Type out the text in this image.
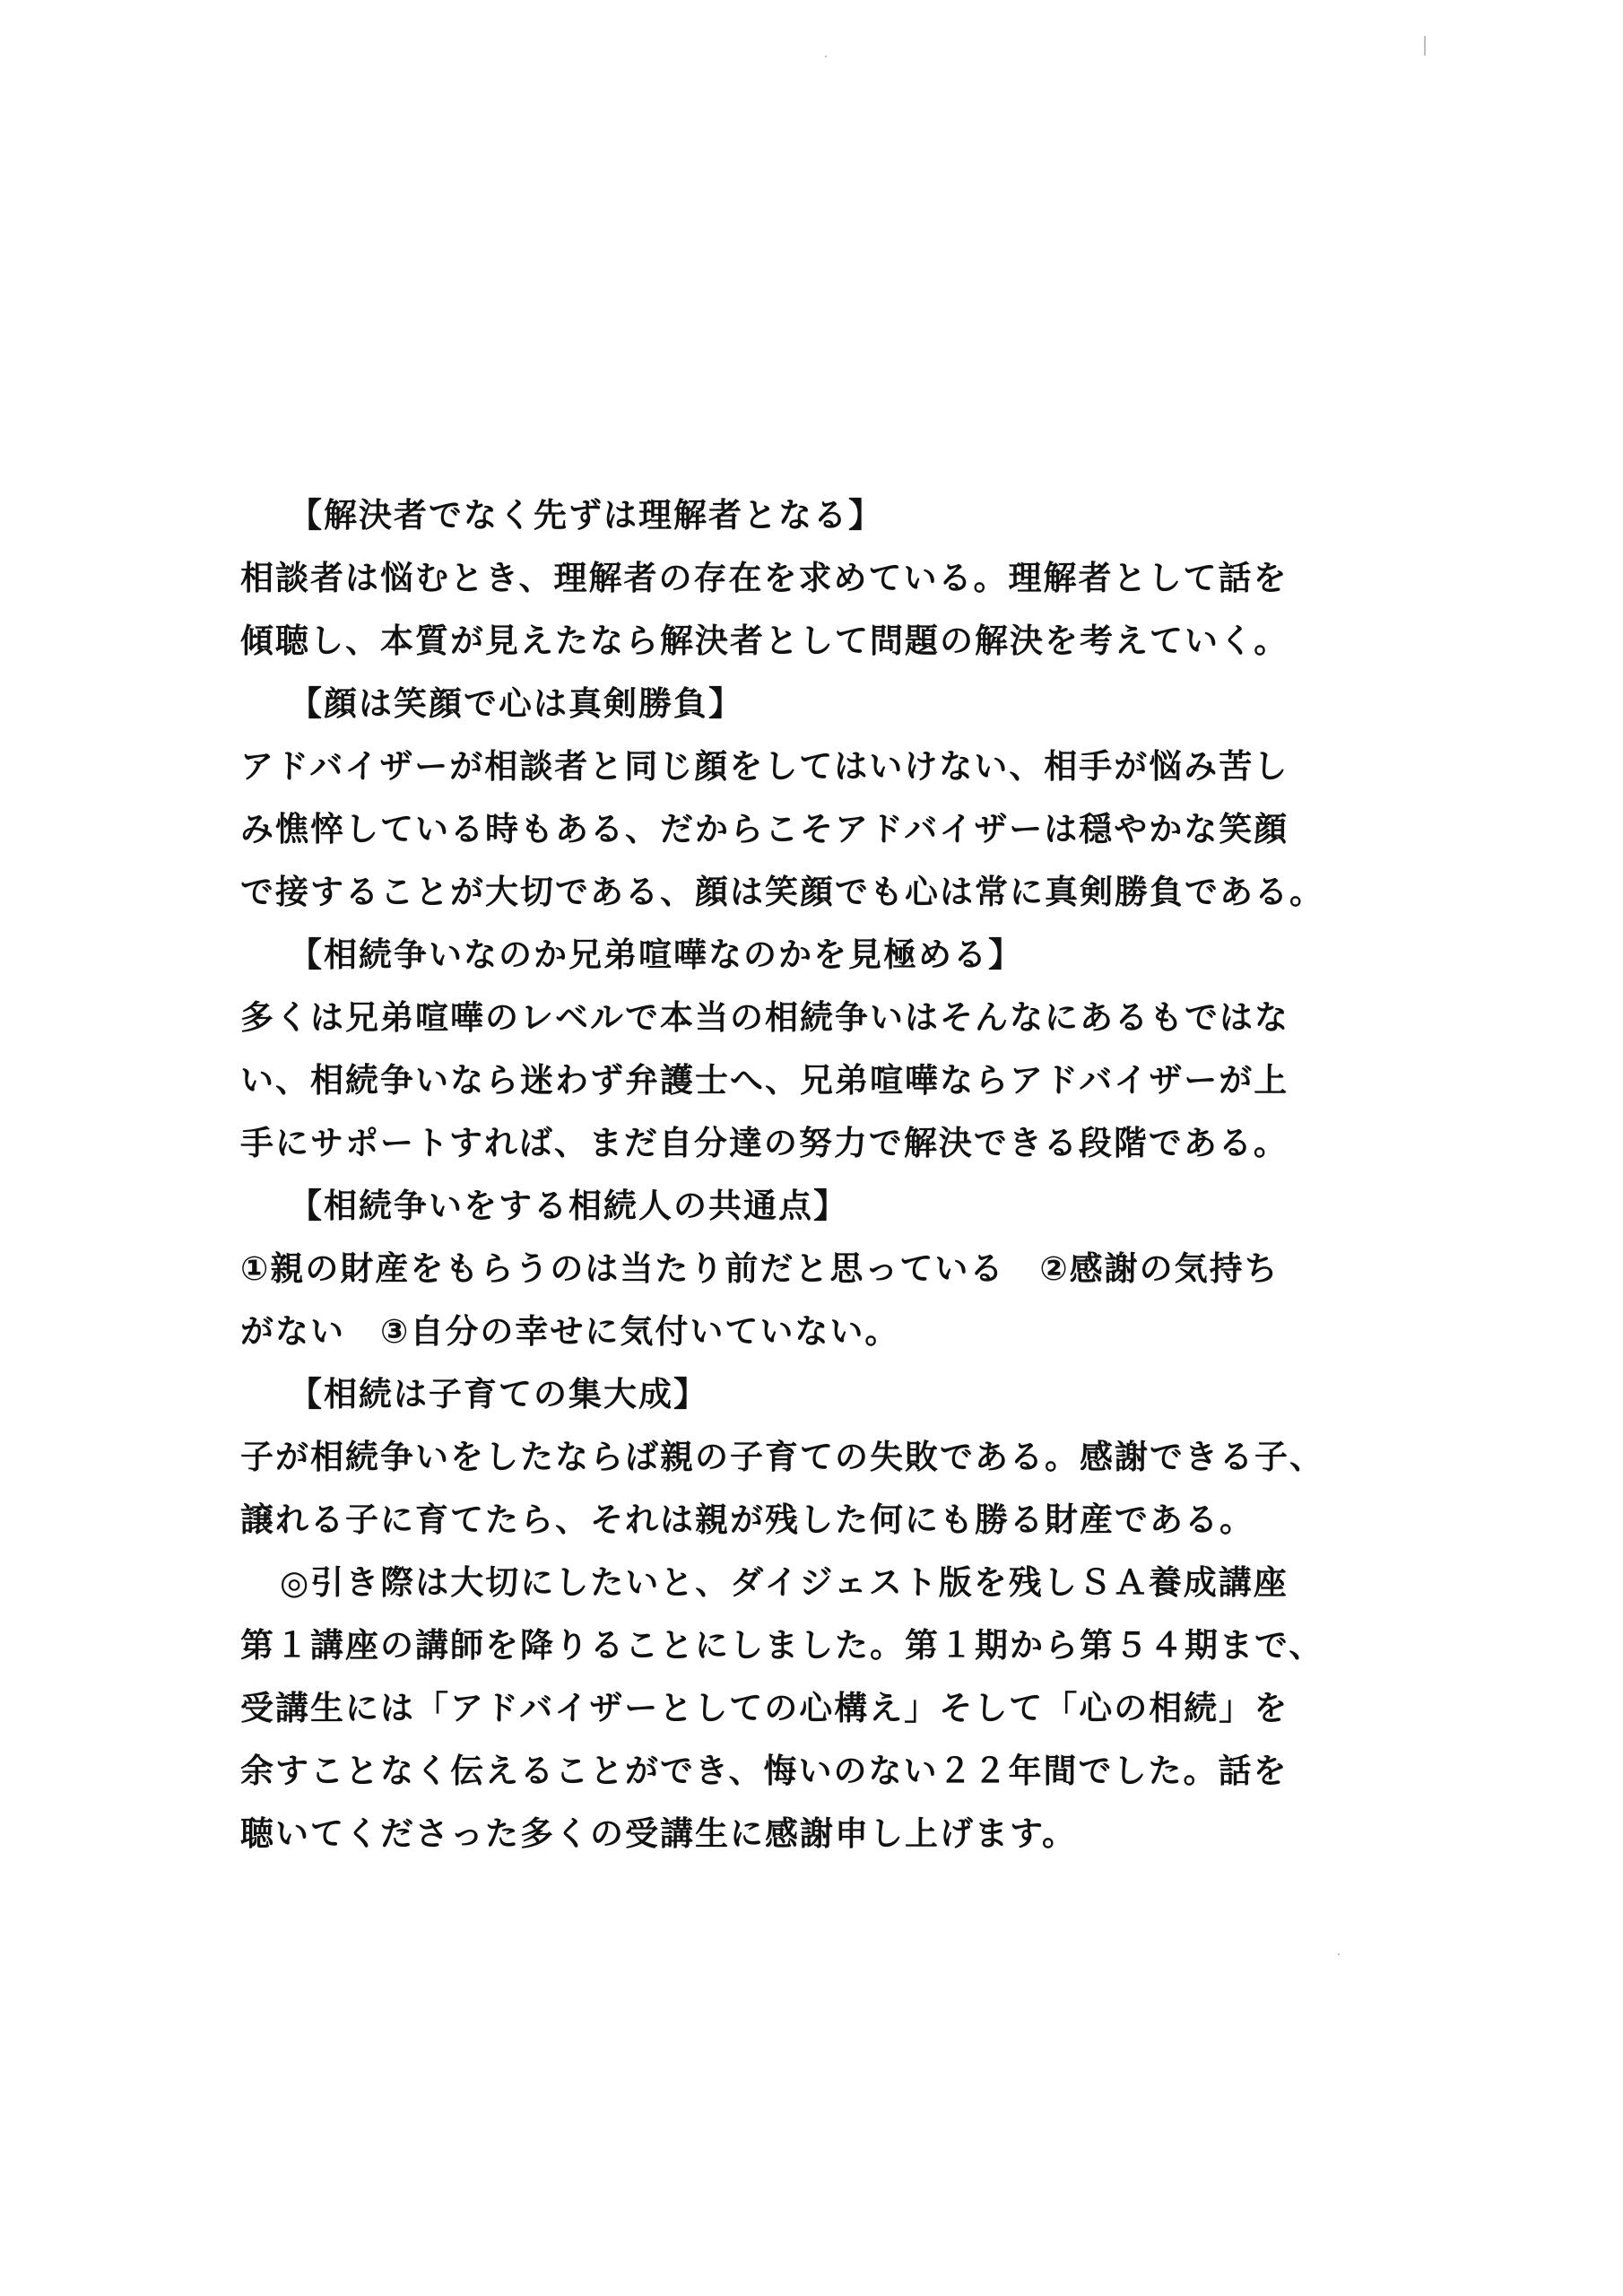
【解決者でなく先ずは理解者となる】
相談者は悩むとき、理解者の存在を求めている。理解者として話を
傾聴し、本質が見えたなら解決者として問題の解決を考えていく。
【顔は笑顔で心は真剣勝負】
アドバイザーが相談者と同じ顔をしてはいけない、相手が悩み苦し
み憔悴している時もある、だからこそアドバイザーは穏やかな笑顔
で接することが大切である、顔は笑顔でも心は常に真剣勝負である。
【相続争いなのか兄弟喧嘩なのかを見極める】
多くは兄弟喧嘩のレベルで本当の相続争いはそんなにあるもではな
い、相続争いなら迷わず弁護士へ、兄弟喧嘩ならアドバイザーが上
手にサポートすれば、まだ自分達の努力で解決できる段階である。
【相続争いをする相続人の共通点】
①親の財産をもらうのは当たり前だと思っている　②感謝の気持ち
がない　③自分の幸せに気付いていない。
【相続は子育ての集大成】
子が相続争いをしたならば親の子育ての失敗である。感謝できる子、
譲れる子に育てたら、それは親が残した何にも勝る財産である。
◎引き際は大切にしたいと、ダイジェスト版を残しＳＡ養成講座
第１講座の講師を降りることにしました。第１期から第５４期まで、
受講生には「アドバイザーとしての心構え」そして「心の相続」を
余すことなく伝えることができ、悔いのない２２年間でした。話を
聴いてくださった多くの受講生に感謝申し上げます。
